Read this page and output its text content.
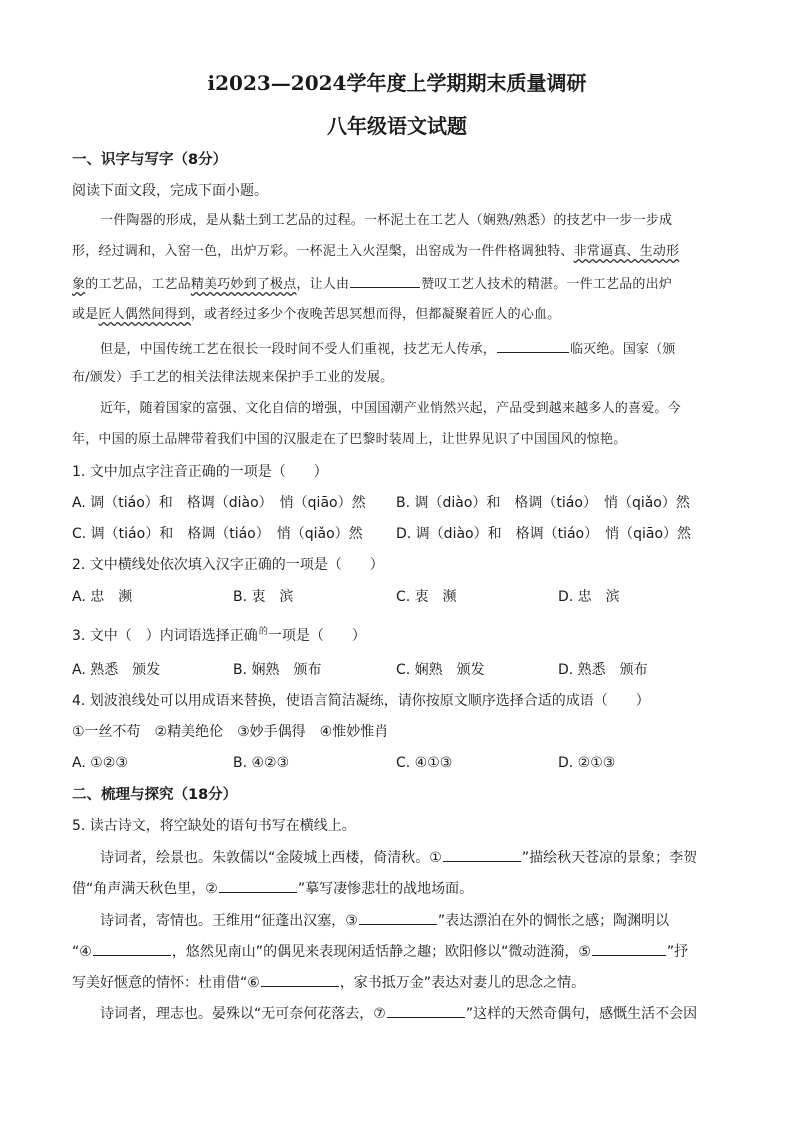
i2023—2024学年度上学期期末质量调研
八年级语文试题
一、识字与写字（8分）
阅读下面文段，完成下面小题。
一件陶器的形成，是从黏土到工艺品的过程。一杯泥土在工艺人（娴熟/熟悉）的技艺中一步一步成
形，经过调和，入窑一色，出炉万彩。一杯泥土入火涅槃，出窑成为一件件格调独特、非常逼真、生动形
象的工艺品，工艺品精美巧妙到了极点，让人由	赞叹工艺人技术的精湛。一件工艺品的出炉
或是匠人偶然间得到，或者经过多少个夜晚苦思冥想而得，但都凝聚着匠人的心血。
但是，中国传统工艺在很长一段时间不受人们重视，技艺无人传承，	临灭绝。国家（颁
布/颁发）手工艺的相关法律法规来保护手工业的发展。
近年，随着国家的富强、文化自信的增强，中国国潮产业悄然兴起，产品受到越来越多人的喜爱。今
年，中国的原土品牌带着我们中国的汉服走在了巴黎时装周上，让世界见识了中国国风的惊艳。
1. 文中加点字注音正确的一项是（　　）
A. 调（tiáo）和　格调（diào）　悄（qiāo）然 B. 调（diào）和　格调（tiáo）　悄（qiǎo）然
C. 调（tiáo）和　格调（tiáo）　悄（qiǎo）然 D. 调（diào）和　格调（tiáo）　悄（qiāo）然
2. 文中横线处依次填入汉字正确的一项是（　　）
A. 忠　濒	B. 衷　滨	C. 衷　濒	D. 忠　滨
3. 文中（　）内词语选择正确$^的$一项是（　　）
A. 熟悉　颁发	B. 娴熟　颁布	C. 娴熟　颁发	D. 熟悉　颁布
4. 划波浪线处可以用成语来替换，使语言简洁凝练，请你按原文顺序选择合适的成语（　　）
①一丝不苟　②精美绝伦　③妙手偶得　④惟妙惟肖
A. ①②③	B. ④②③	C. ④①③	D. ②①③
二、梳理与探究（18分）
5. 读古诗文，将空缺处的语句书写在横线上。
诗词者，绘景也。朱敦儒以“金陵城上西楼，倚清秋。①	”描绘秋天苍凉的景象；李贺
借“角声满天秋色里，②	”摹写凄惨悲壮的战地场面。
诗词者，寄情也。王维用“征蓬出汉塞，③	”表达漂泊在外的惆怅之感；陶渊明以
“④	，悠然见南山”的偶见来表现闲适恬静之趣；欧阳修以“微动涟漪，⑤	”抒
写美好惬意的情怀：杜甫借“⑥	，家书抵万金”表达对妻儿的思念之情。
诗词者，理志也。晏殊以“无可奈何花落去，⑦	”这样的天然奇偶句，感慨生活不会因
